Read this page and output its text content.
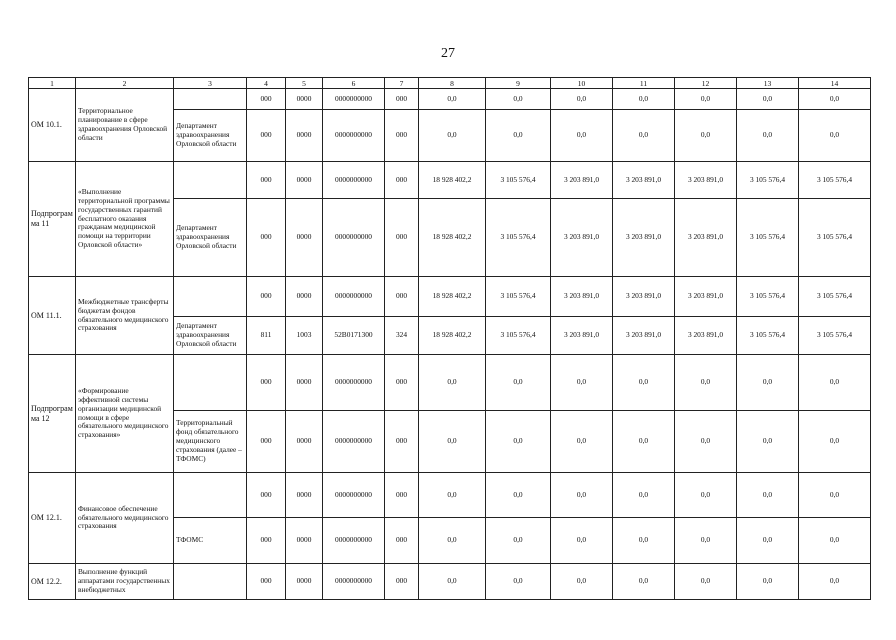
27
1	2	3	4	5	6	7	8	9	10	11	12	13	14
ОМ 10.1.	Территориальное планирование в сфере здравоохранения Орловской области		000	0000	0000000000	000	0,0	0,0	0,0	0,0	0,0	0,0	0,0
		Департамент здравоохранения Орловской области	000	0000	0000000000	000	0,0	0,0	0,0	0,0	0,0	0,0	0,0
Подпрограмма 11	«Выполнение территориальной программы государственных гарантий бесплатного оказания гражданам медицинской помощи на территории Орловской области»		000	0000	0000000000	000	18 928 402,2	3 105 576,4	3 203 891,0	3 203 891,0	3 203 891,0	3 105 576,4	3 105 576,4
		Департамент здравоохранения Орловской области	000	0000	0000000000	000	18 928 402,2	3 105 576,4	3 203 891,0	3 203 891,0	3 203 891,0	3 105 576,4	3 105 576,4
ОМ 11.1.	Межбюджетные трансферты бюджетам фондов обязательного медицинского страхования		000	0000	0000000000	000	18 928 402,2	3 105 576,4	3 203 891,0	3 203 891,0	3 203 891,0	3 105 576,4	3 105 576,4
		Департамент здравоохранения Орловской области	811	1003	52В0171300	324	18 928 402,2	3 105 576,4	3 203 891,0	3 203 891,0	3 203 891,0	3 105 576,4	3 105 576,4
Подпрограмма 12	«Формирование эффективной системы организации медицинской помощи в сфере обязательного медицинского страхования»		000	0000	0000000000	000	0,0	0,0	0,0	0,0	0,0	0,0	0,0
		Территориальный фонд обязательного медицинского страхования (далее – ТФОМС)	000	0000	0000000000	000	0,0	0,0	0,0	0,0	0,0	0,0	0,0
ОМ 12.1.	Финансовое обеспечение обязательного медицинского страхования		000	0000	0000000000	000	0,0	0,0	0,0	0,0	0,0	0,0	0,0
		ТФОМС	000	0000	0000000000	000	0,0	0,0	0,0	0,0	0,0	0,0	0,0
ОМ 12.2.	Выполнение функций аппаратами государственных внебюджетных		000	0000	0000000000	000	0,0	0,0	0,0	0,0	0,0	0,0	0,0
